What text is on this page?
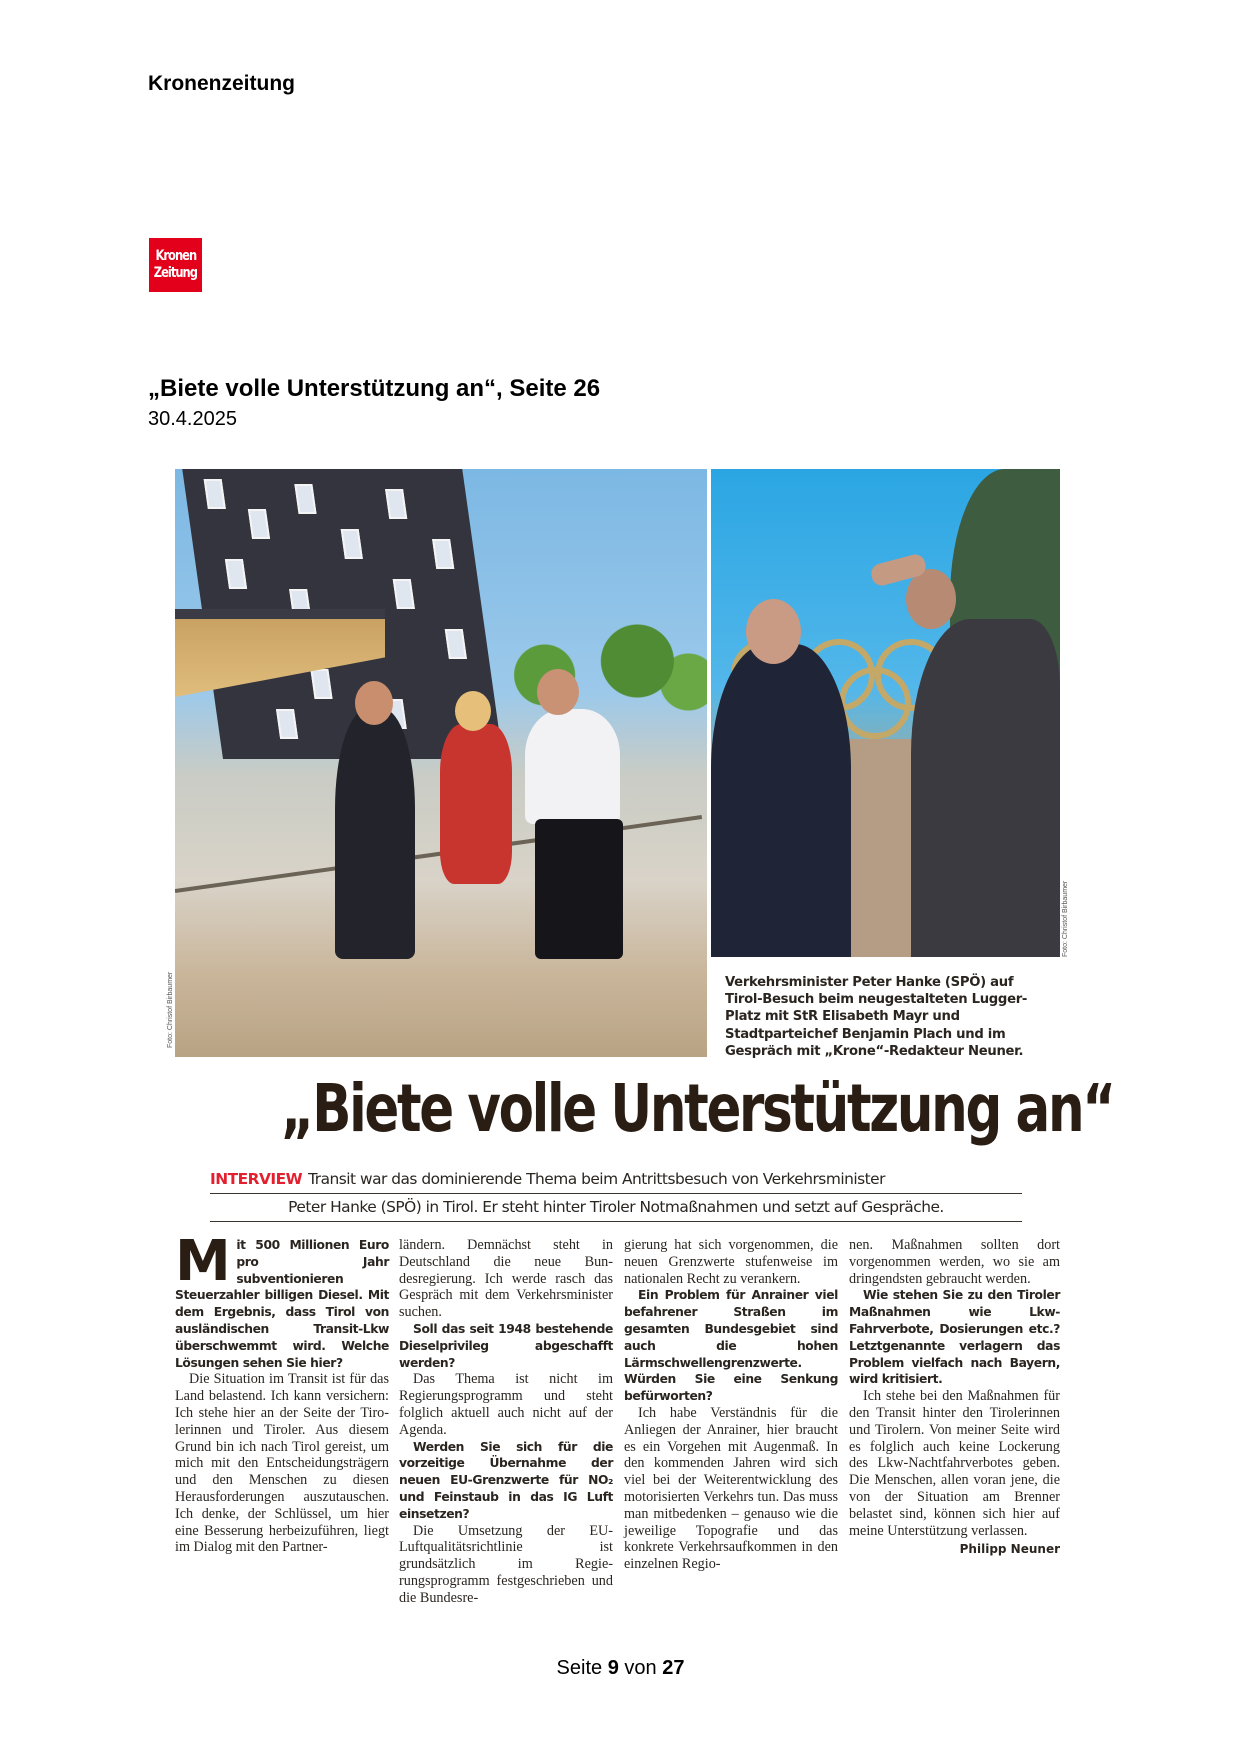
Kronenzeitung
Kronen
Zeitung
„Biete volle Unterstützung an“, Seite 26
30.4.2025
Verkehrsminister Peter Hanke (SPÖ) auf Tirol-Besuch beim neugestalteten Lugger-Platz mit StR Elisabeth Mayr und Stadtparteichef Benjamin Plach und im Gespräch mit „Krone“-Redakteur Neuner.
„Biete volle Unterstützung an“
INTERVIEW Transit war das dominierende Thema beim Antrittsbesuch von Verkehrsminister
Peter Hanke (SPÖ) in Tirol. Er steht hinter Tiroler Notmaßnahmen und setzt auf Gespräche.

Mit 500 Millionen Euro pro Jahr subventionieren Steuerzahler billigen Diesel. Mit dem Ergebnis, dass Tirol von ausländischen Transit-Lkw überschwemmt wird. Welche Lösungen sehen Sie hier?

Die Situation im Transit ist für das Land belastend. Ich kann versichern: Ich stehe hier an der Seite der Tirolerinnen und Tiroler. Aus diesem Grund bin ich nach Tirol gereist, um mich mit den Entscheidungsträgern und den Menschen zu diesen Herausforderungen auszutauschen. Ich denke, der Schlüssel, um hier eine Besserung herbeizuführen, liegt im Dialog mit den Partner-

ländern. Demnächst steht in Deutschland die neue Bundesregierung. Ich werde rasch das Gespräch mit dem Verkehrsminister suchen.

Soll das seit 1948 bestehende Dieselprivileg abgeschafft werden?

Das Thema ist nicht im Regierungsprogramm und steht folglich aktuell auch nicht auf der Agenda.

Werden Sie sich für die vorzeitige Übernahme der neuen EU-Grenzwerte für NO₂ und Feinstaub in das IG Luft einsetzen?

Die Umsetzung der EU-Luftqualitätsrichtlinie ist grundsätzlich im Regierungsprogramm festgeschrieben und die Bundesre-

gierung hat sich vorgenommen, die neuen Grenzwerte stufenweise im nationalen Recht zu verankern.

Ein Problem für Anrainer viel befahrener Straßen im gesamten Bundesgebiet sind auch die hohen Lärmschwellengrenzwerte. Würden Sie eine Senkung befürworten?

Ich habe Verständnis für die Anliegen der Anrainer, hier braucht es ein Vorgehen mit Augenmaß. In den kommenden Jahren wird sich viel bei der Weiterentwicklung des motorisierten Verkehrs tun. Das muss man mitbedenken – genauso wie die jeweilige Topografie und das konkrete Verkehrsaufkommen in den einzelnen Regio-

nen. Maßnahmen sollten dort vorgenommen werden, wo sie am dringendsten gebraucht werden.

Wie stehen Sie zu den Tiroler Maßnahmen wie Lkw-Fahrverbote, Dosierungen etc.? Letztgenannte verlagern das Problem vielfach nach Bayern, wird kritisiert.

Ich stehe bei den Maßnahmen für den Transit hinter den Tirolerinnen und Tirolern. Von meiner Seite wird es folglich auch keine Lockerung des Lkw-Nachtfahrverbotes geben. Die Menschen, allen voran jene, die von der Situation am Brenner belastet sind, können sich hier auf meine Unterstützung verlassen.

Philipp Neuner
Foto: Christof Birbaumer
Foto: Christof Birbaumer
Seite 9 von 27
